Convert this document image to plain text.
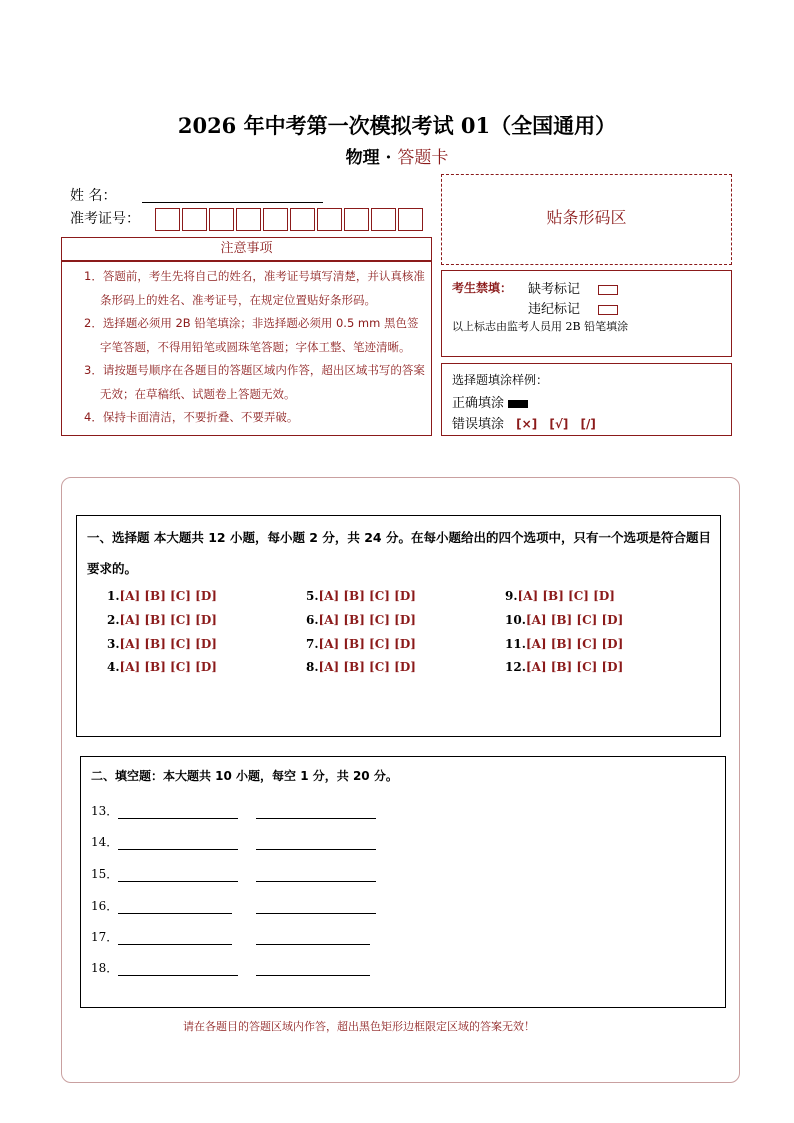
2026 年中考第一次模拟考试 01（全国通用）
物理 · 答题卡
姓 名：
准考证号：	贴条形码区
注意事项

1．答题前，考生先将自己的姓名，准考证号填写清楚，并认真核准条形码上的姓名、准考证号，在规定位置贴好条形码。

2．选择题必须用 2B 铅笔填涂；非选择题必须用 0.5 mm 黑色签字笔答题，不得用铅笔或圆珠笔答题；字体工整、笔迹清晰。

3．请按题号顺序在各题目的答题区域内作答，超出区域书写的答案无效；在草稿纸、试题卷上答题无效。

4．保持卡面清洁，不要折叠、不要弄破。

考生禁填： 缺考标记
违纪标记
以上标志由监考人员用 2B 铅笔填涂
选择题填涂样例：
正确填涂
错误填涂 [×] [√] [/]
一、选择题 本大题共 12 小题，每小题 2 分，共 24 分。在每小题给出的四个选项中，只有一个选项是符合题目要求的。
1.[A] [B] [C] [D]
2.[A] [B] [C] [D]
3.[A] [B] [C] [D]
4.[A] [B] [C] [D]
5.[A] [B] [C] [D]
6.[A] [B] [C] [D]
7.[A] [B] [C] [D]
8.[A] [B] [C] [D]
9.[A] [B] [C] [D]
10.[A] [B] [C] [D]
11.[A] [B] [C] [D]
12.[A] [B] [C] [D]
二、填空题：本大题共 10 小题，每空 1 分，共 20 分。
13．
14．
15．
16．
17．
18．
请在各题目的答题区域内作答，超出黑色矩形边框限定区域的答案无效！
